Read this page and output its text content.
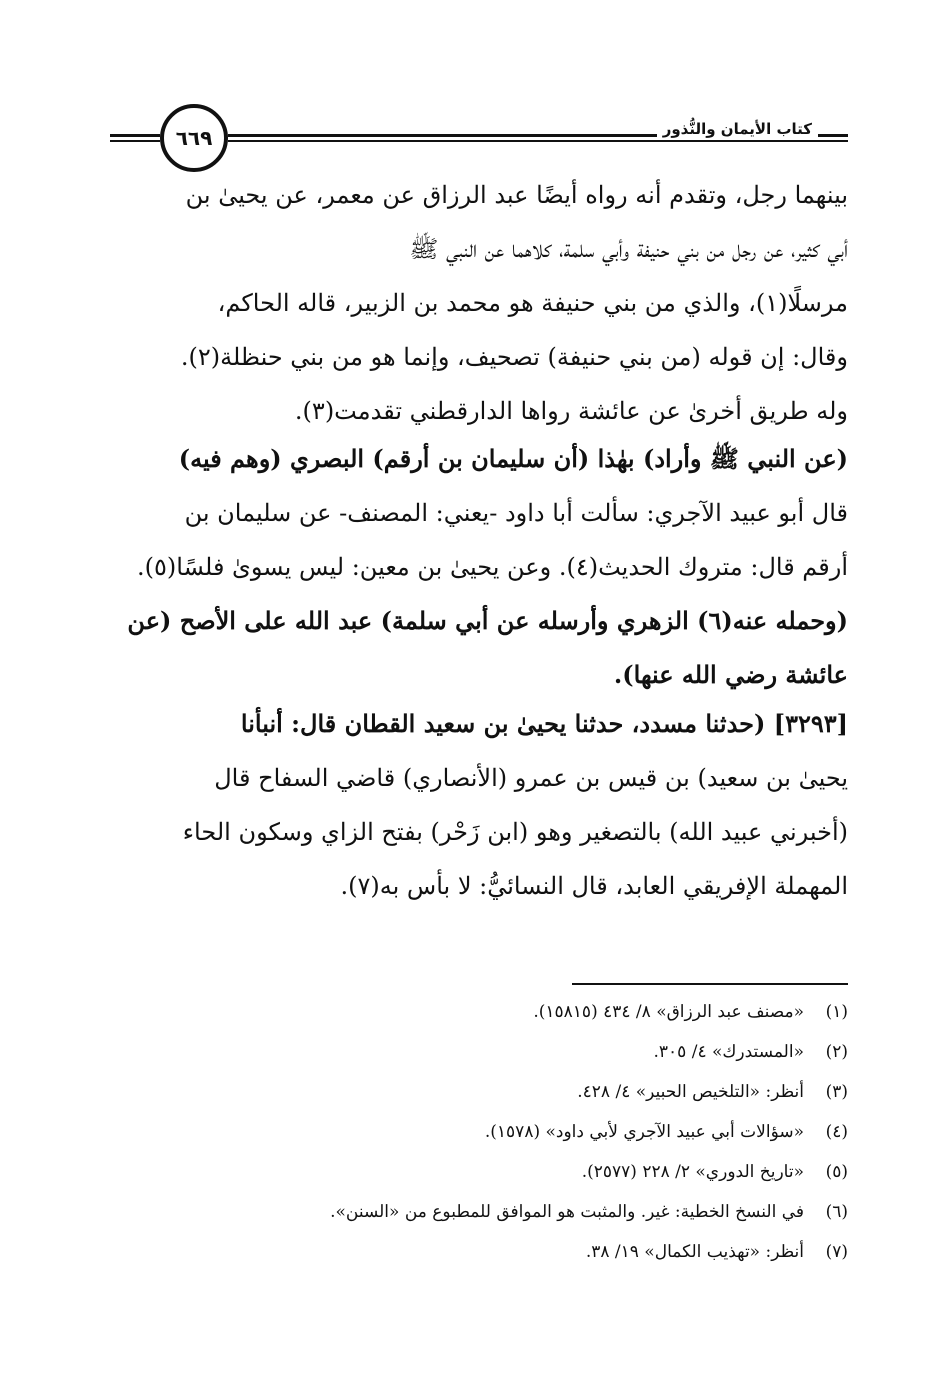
٦٦٩	كتاب الأيمان والنُّذور
بينهما رجل، وتقدم أنه رواه أيضًا عبد الرزاق عن معمر، عن يحيىٰ بن
أبي كثير، عن رجل من بني حنيفة وأبي سلمة، كلاهما عن النبي ﷺ
مرسلًا(١)، والذي من بني حنيفة هو محمد بن الزبير، قاله الحاكم،
وقال: إن قوله (من بني حنيفة) تصحيف، وإنما هو من بني حنظلة(٢).
وله طريق أخرىٰ عن عائشة رواها الدارقطني تقدمت(٣).
(عن النبي ﷺ وأراد) بهٰذا (أن سليمان بن أرقم) البصري (وهم فيه)
قال أبو عبيد الآجري: سألت أبا داود -يعني: المصنف- عن سليمان بن
أرقم قال: متروك الحديث(٤). وعن يحيىٰ بن معين: ليس يسوىٰ فلسًا(٥).
(وحمله عنه(٦) الزهري وأرسله عن أبي سلمة) عبد الله على الأصح (عن
عائشة رضي الله عنها).
[٣٢٩٣] (حدثنا مسدد، حدثنا يحيىٰ بن سعيد القطان قال: أنبأنا
يحيىٰ بن سعيد) بن قيس بن عمرو (الأنصاري) قاضي السفاح قال
(أخبرني عبيد الله) بالتصغير وهو (ابن زَحْر) بفتح الزاي وسكون الحاء
المهملة الإفريقي العابد، قال النسائيُّ: لا بأس به(٧).
(١)
«مصنف عبد الرزاق» ٨/ ٤٣٤ (١٥٨١٥).
(٢)
«المستدرك» ٤/ ٣٠٥.
(٣)
أنظر: «التلخيص الحبير» ٤/ ٤٢٨.
(٤)
«سؤالات أبي عبيد الآجري لأبي داود» (١٥٧٨).
(٥)
«تاريخ الدوري» ٢/ ٢٢٨ (٢٥٧٧).
(٦)
في النسخ الخطية: غير. والمثبت هو الموافق للمطبوع من «السنن».
(٧)
أنظر: «تهذيب الكمال» ١٩/ ٣٨.
